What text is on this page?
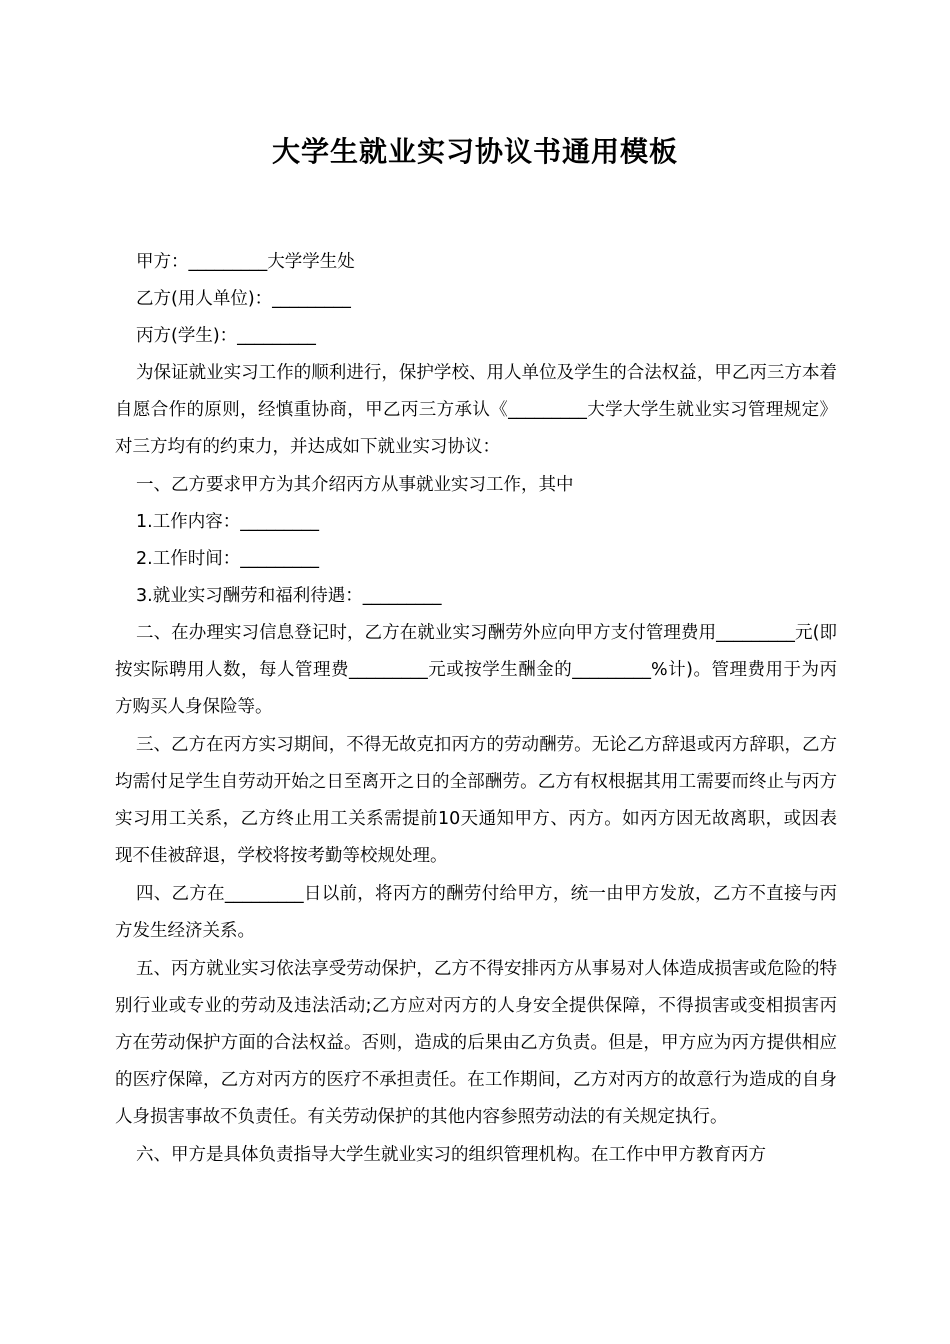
大学生就业实习协议书通用模板
甲方：_________大学学生处
乙方(用人单位)：_________
丙方(学生)：_________
为保证就业实习工作的顺利进行，保护学校、用人单位及学生的合法权益，甲乙丙三方本着自愿合作的原则，经慎重协商，甲乙丙三方承认《_________大学大学生就业实习管理规定》对三方均有的约束力，并达成如下就业实习协议：
一、乙方要求甲方为其介绍丙方从事就业实习工作，其中
1.工作内容：_________
2.工作时间：_________
3.就业实习酬劳和福利待遇：_________
二、在办理实习信息登记时，乙方在就业实习酬劳外应向甲方支付管理费用_________元(即按实际聘用人数，每人管理费_________元或按学生酬金的_________%计)。管理费用于为丙方购买人身保险等。
三、乙方在丙方实习期间，不得无故克扣丙方的劳动酬劳。无论乙方辞退或丙方辞职，乙方均需付足学生自劳动开始之日至离开之日的全部酬劳。乙方有权根据其用工需要而终止与丙方实习用工关系，乙方终止用工关系需提前10天通知甲方、丙方。如丙方因无故离职，或因表现不佳被辞退，学校将按考勤等校规处理。
四、乙方在_________日以前，将丙方的酬劳付给甲方，统一由甲方发放，乙方不直接与丙方发生经济关系。
五、丙方就业实习依法享受劳动保护，乙方不得安排丙方从事易对人体造成损害或危险的特别行业或专业的劳动及违法活动;乙方应对丙方的人身安全提供保障，不得损害或变相损害丙方在劳动保护方面的合法权益。否则，造成的后果由乙方负责。但是，甲方应为丙方提供相应的医疗保障，乙方对丙方的医疗不承担责任。在工作期间，乙方对丙方的故意行为造成的自身人身损害事故不负责任。有关劳动保护的其他内容参照劳动法的有关规定执行。
六、甲方是具体负责指导大学生就业实习的组织管理机构。在工作中甲方教育丙方
